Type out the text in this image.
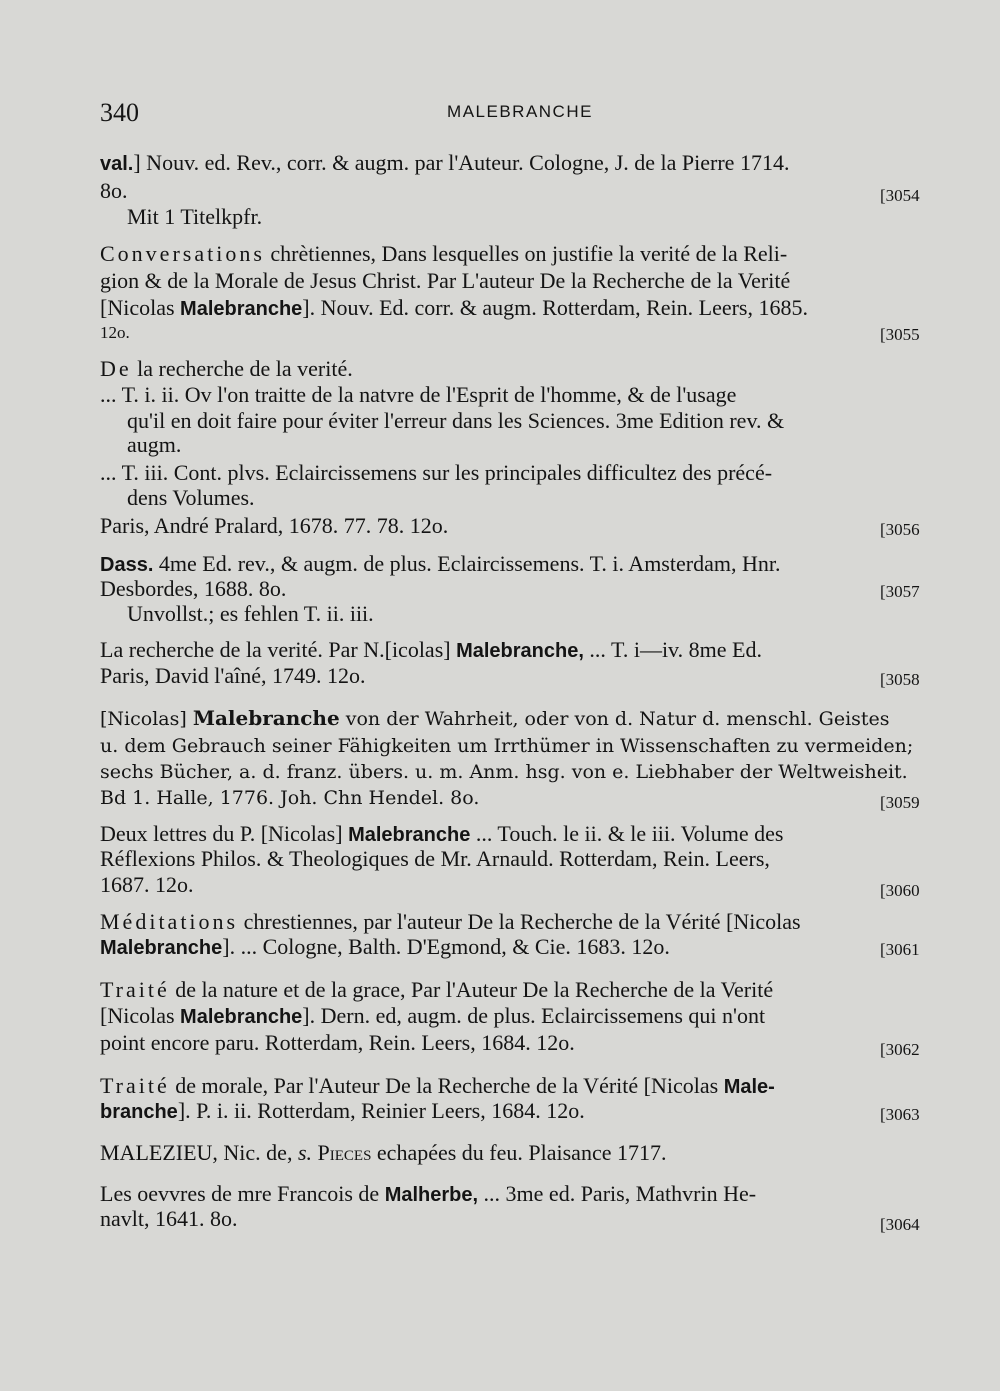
340	MALEBRANCHE
val.] Nouv. ed. Rev., corr. & augm. par l'Auteur. Cologne, J. de la Pierre 1714.
8o.
Mit 1 Titelkpfr.
[3054
Conversations chrètiennes, Dans lesquelles on justifie la verité de la Reli-
gion & de la Morale de Jesus Christ. Par L'auteur De la Recherche de la Verité
[Nicolas Malebranche]. Nouv. Ed. corr. & augm. Rotterdam, Rein. Leers, 1685.
12o.	[3055
De la recherche de la verité.
... T. i. ii. Ov l'on traitte de la natvre de l'Esprit de l'homme, & de l'usage
qu'il en doit faire pour éviter l'erreur dans les Sciences. 3me Edition rev. &
augm.
... T. iii. Cont. plvs. Eclaircissemens sur les principales difficultez des précé-
dens Volumes.
Paris, André Pralard, 1678. 77. 78. 12o.	[3056
Dass. 4me Ed. rev., & augm. de plus. Eclaircissemens. T. i. Amsterdam, Hnr.
Desbordes, 1688. 8o.
Unvollst.; es fehlen T. ii. iii.
[3057
La recherche de la verité. Par N.[icolas] Malebranche, ... T. i—iv. 8me Ed.
Paris, David l'aîné, 1749. 12o.	[3058
[Nicolas] Malebranche von der Wahrheit, oder von d. Natur d. menschl. Geistes
u. dem Gebrauch seiner Fähigkeiten um Irrthümer in Wissenschaften zu vermeiden;
sechs Bücher, a. d. franz. übers. u. m. Anm. hsg. von e. Liebhaber der Weltweisheit.
Bd 1. Halle, 1776. Joh. Chn Hendel. 8o.	[3059
Deux lettres du P. [Nicolas] Malebranche ... Touch. le ii. & le iii. Volume des
Réflexions Philos. & Theologiques de Mr. Arnauld. Rotterdam, Rein. Leers,
1687. 12o.	[3060
Méditations chrestiennes, par l'auteur De la Recherche de la Vérité [Nicolas
Malebranche]. ... Cologne, Balth. D'Egmond, & Cie. 1683. 12o.	[3061
Traité de la nature et de la grace, Par l'Auteur De la Recherche de la Verité
[Nicolas Malebranche]. Dern. ed, augm. de plus. Eclaircissemens qui n'ont
point encore paru. Rotterdam, Rein. Leers, 1684. 12o.	[3062
Traité de morale, Par l'Auteur De la Recherche de la Vérité [Nicolas Male-
branche]. P. i. ii. Rotterdam, Reinier Leers, 1684. 12o.	[3063
MALEZIEU, Nic. de, s. Pieces echapées du feu. Plaisance 1717.
Les oevvres de mre Francois de Malherbe, ... 3me ed. Paris, Mathvrin He-
navlt, 1641. 8o.	[3064
